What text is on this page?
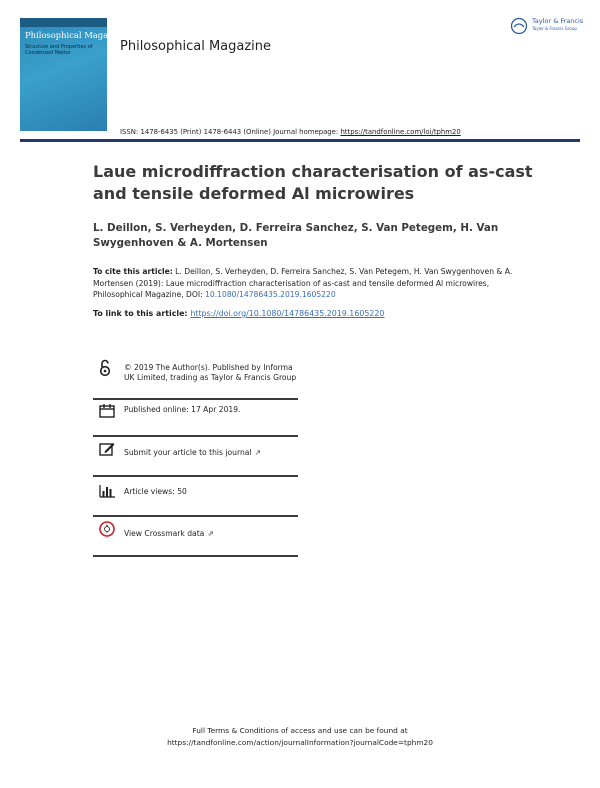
Philosophical Magazine
Structure and Properties of Condensed Matter	Philosophical Magazine
Taylor & Francis
Taylor & Francis Group
ISSN: 1478-6435 (Print) 1478-6443 (Online) Journal homepage: https://tandfonline.com/loi/tphm20
Laue microdiffraction characterisation of as-cast and tensile deformed Al microwires
L. Deillon, S. Verheyden, D. Ferreira Sanchez, S. Van Petegem, H. Van Swygenhoven & A. Mortensen
To cite this article: L. Deillon, S. Verheyden, D. Ferreira Sanchez, S. Van Petegem, H. Van Swygenhoven & A. Mortensen (2019): Laue microdiffraction characterisation of as-cast and tensile deformed Al microwires, Philosophical Magazine, DOI: 10.1080/14786435.2019.1605220
To link to this article: https://doi.org/10.1080/14786435.2019.1605220
© 2019 The Author(s). Published by Informa UK Limited, trading as Taylor & Francis Group
Published online: 17 Apr 2019.
Submit your article to this journal ↗
Article views: 50
• View Crossmark data ⇗
Full Terms & Conditions of access and use can be found at
https://tandfonline.com/action/journalInformation?journalCode=tphm20
